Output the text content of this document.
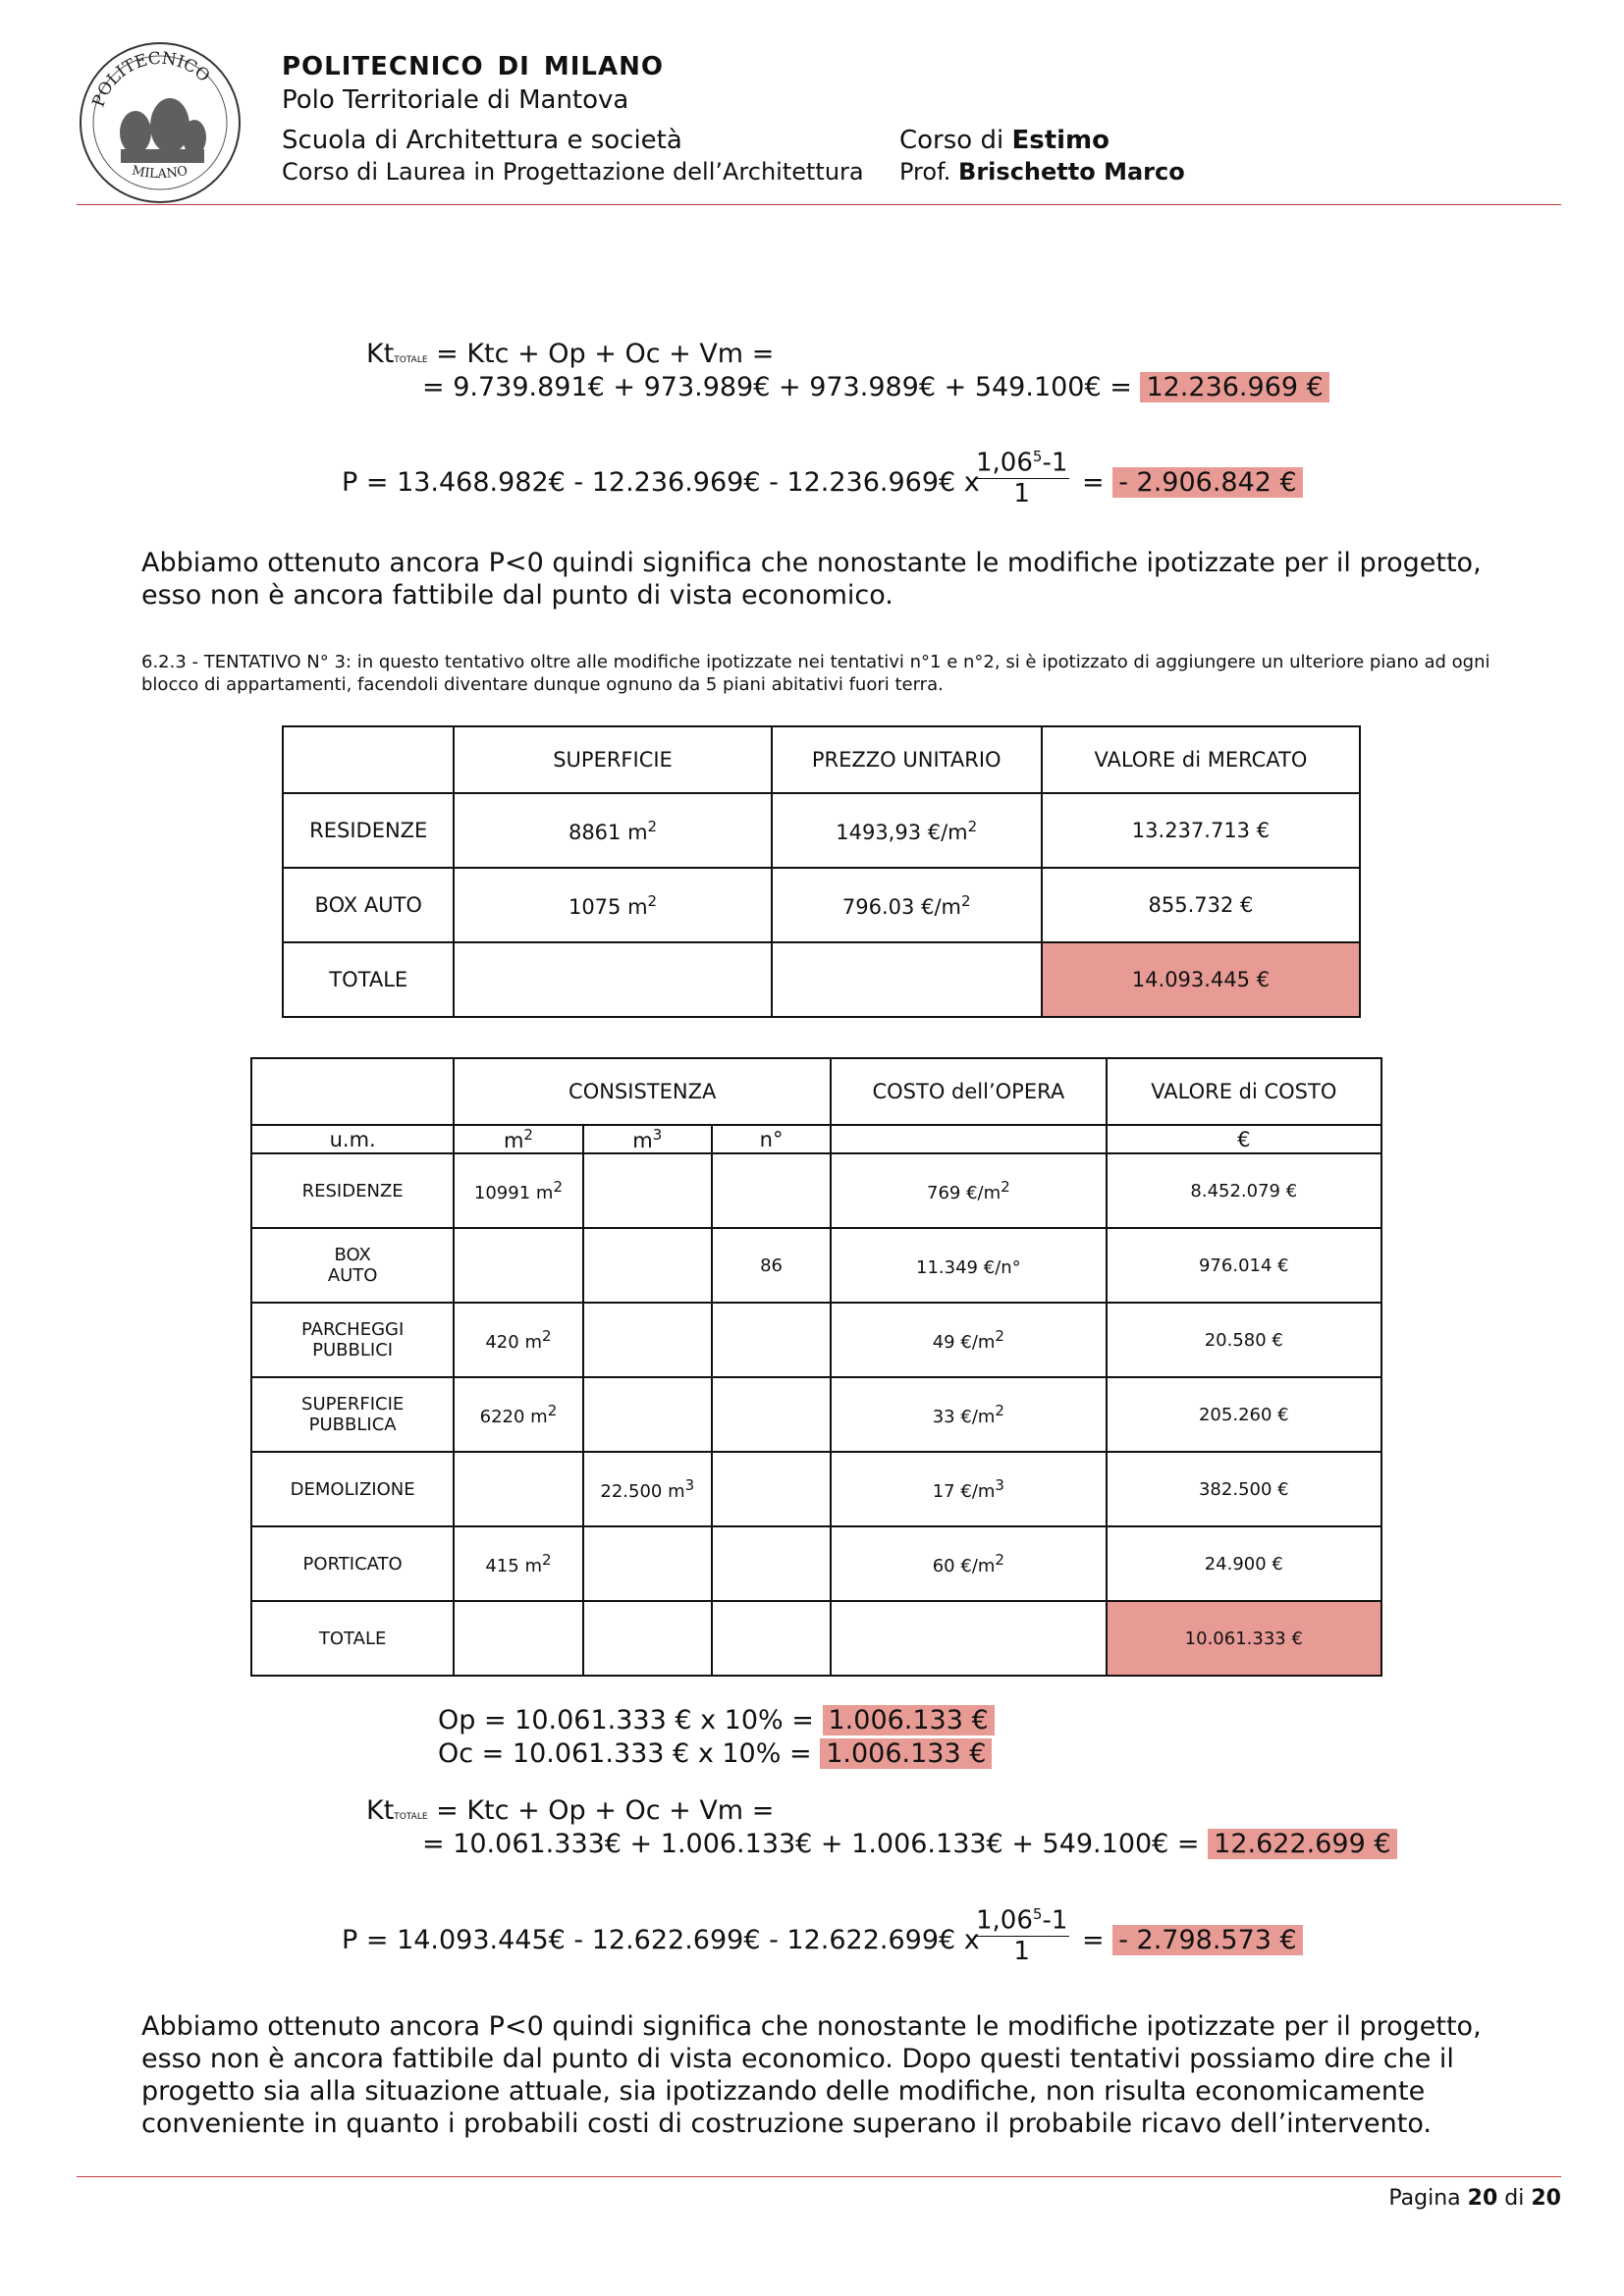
POLITECNICO
MILANO
POLITECNICO DI MILANO
Polo Territoriale di Mantova
Scuola di Architettura e società
Corso di Laurea in Progettazione dell’Architettura
Corso di Estimo
Prof. Brischetto Marco
KtTOTALE = Ktc + Op + Oc + Vm =
= 9.739.891€ + 973.989€ + 973.989€ + 549.100€ = 12.236.969 €
P = 13.468.982€ - 12.236.969€ - 12.236.969€ x
$\frac{1,06^5-1}{1}$ = - 2.906.842 €
Abbiamo ottenuto ancora P<0 quindi significa che nonostante le modifiche ipotizzate per il progetto, esso non è ancora fattibile dal punto di vista economico.
6.2.3 - TENTATIVO N° 3: in questo tentativo oltre alle modifiche ipotizzate nei tentativi n°1 e n°2, si è ipotizzato di aggiungere un ulteriore piano ad ogni blocco di appartamenti, facendoli diventare dunque ognuno da 5 piani abitativi fuori terra.
	SUPERFICIE	PREZZO UNITARIO	VALORE di MERCATO
RESIDENZE	8861 $m^2$	1493,93 $€/m^2$	13.237.713 €
BOX AUTO	1075 $m^2$	796.03 $€/m^2$	855.732 €
TOTALE			14.093.445 €
	CONSISTENZA			COSTO dell’OPERA	VALORE di COSTO
u.m.	$m^2$	$m^3$	n°		€
RESIDENZE	10991 $m^2$			769 $€/m^2$	8.452.079 €
BOX
AUTO			86	11.349 €/n°	976.014 €
PARCHEGGI
PUBBLICI	420 $m^2$			49 $€/m^2$	20.580 €
SUPERFICIE
PUBBLICA	6220 $m^2$			33 $€/m^2$	205.260 €
DEMOLIZIONE		22.500 $m^3$		17 $€/m^3$	382.500 €
PORTICATO	415 $m^2$			60 $€/m^2$	24.900 €
TOTALE					10.061.333 €
Op = 10.061.333 € x 10% = 1.006.133 €
Oc = 10.061.333 € x 10% = 1.006.133 €
KtTOTALE = Ktc + Op + Oc + Vm =
= 10.061.333€ + 1.006.133€ + 1.006.133€ + 549.100€ = 12.622.699 €
P = 14.093.445€ - 12.622.699€ - 12.622.699€ x
$\frac{1,06^5-1}{1}$ = - 2.798.573 €
Abbiamo ottenuto ancora P<0 quindi significa che nonostante le modifiche ipotizzate per il progetto, esso non è ancora fattibile dal punto di vista economico. Dopo questi tentativi possiamo dire che il progetto sia alla situazione attuale, sia ipotizzando delle modifiche, non risulta economicamente conveniente in quanto i probabili costi di costruzione superano il probabile ricavo dell’intervento.
Pagina 20 di 20
